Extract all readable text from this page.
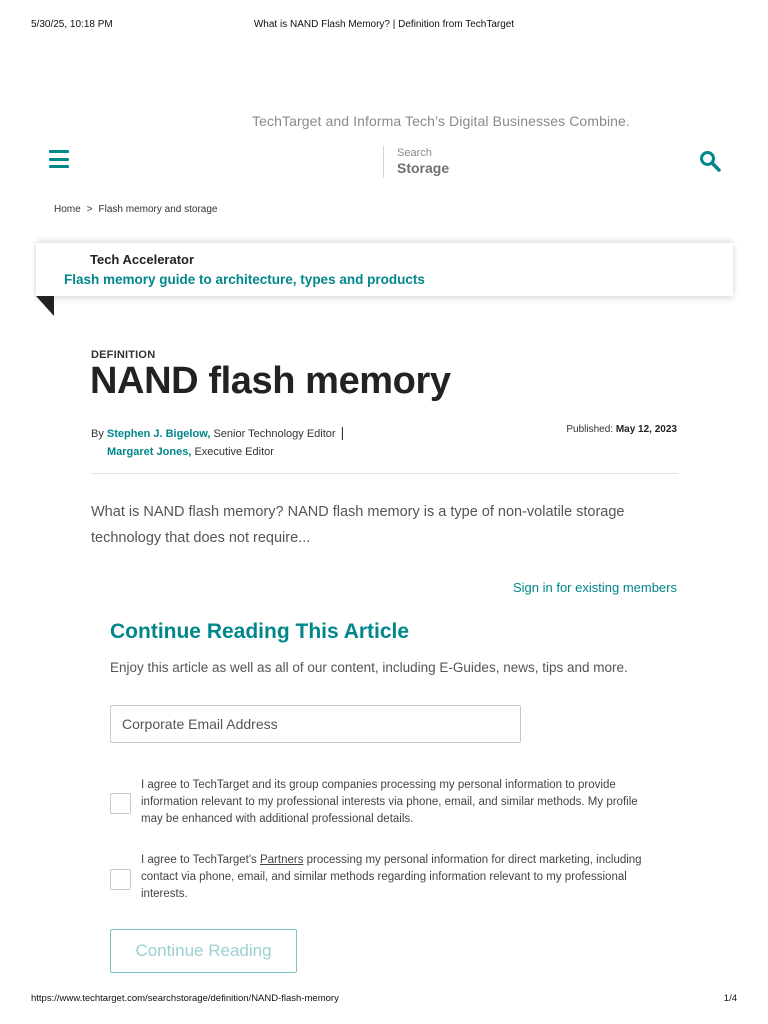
5/30/25, 10:18 PM	What is NAND Flash Memory? | Definition from TechTarget
TechTarget and Informa Tech’s Digital Businesses Combine.
Search
Storage
Home > Flash memory and storage
Tech Accelerator
Flash memory guide to architecture, types and products
DEFINITION
NAND flash memory
By Stephen J. Bigelow, Senior Technology Editor |
Margaret Jones, Executive Editor
Published: May 12, 2023
What is NAND flash memory? NAND flash memory is a type of non-volatile storage technology that does not require...
Sign in for existing members
Continue Reading This Article
Enjoy this article as well as all of our content, including E-Guides, news, tips and more.
Corporate Email Address
I agree to TechTarget and its group companies processing my personal information to provide information relevant to my professional interests via phone, email, and similar methods. My profile may be enhanced with additional professional details.
I agree to TechTarget's Partners processing my personal information for direct marketing, including contact via phone, email, and similar methods regarding information relevant to my professional interests.
Continue Reading
https://www.techtarget.com/searchstorage/definition/NAND-flash-memory	1/4
